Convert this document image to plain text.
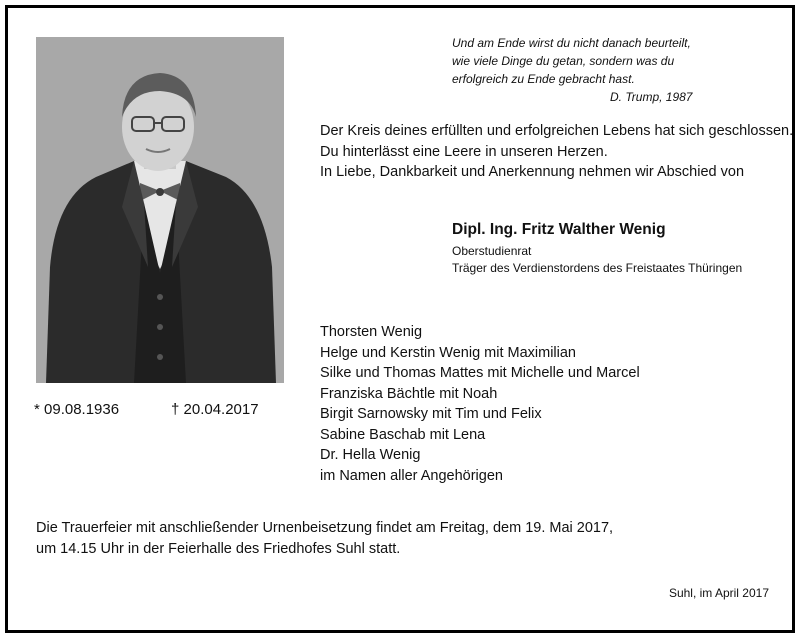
* 09.08.1936	† 20.04.2017
Und am Ende wirst du nicht danach beurteilt,
wie viele Dinge du getan, sondern was du
erfolgreich zu Ende gebracht hast.
D. Trump, 1987
Der Kreis deines erfüllten und erfolgreichen Lebens hat sich geschlossen.
Du hinterlässt eine Leere in unseren Herzen.
In Liebe, Dankbarkeit und Anerkennung nehmen wir Abschied von
Dipl. Ing. Fritz Walther Wenig
Oberstudienrat
Träger des Verdienstordens des Freistaates Thüringen
Thorsten Wenig
Helge und Kerstin Wenig mit Maximilian
Silke und Thomas Mattes mit Michelle und Marcel
Franziska Bächtle mit Noah
Birgit Sarnowsky mit Tim und Felix
Sabine Baschab mit Lena
Dr. Hella Wenig
im Namen aller Angehörigen
Die Trauerfeier mit anschließender Urnenbeisetzung findet am Freitag, dem 19. Mai 2017,
um 14.15 Uhr in der Feierhalle des Friedhofes Suhl statt.
Suhl, im April 2017
